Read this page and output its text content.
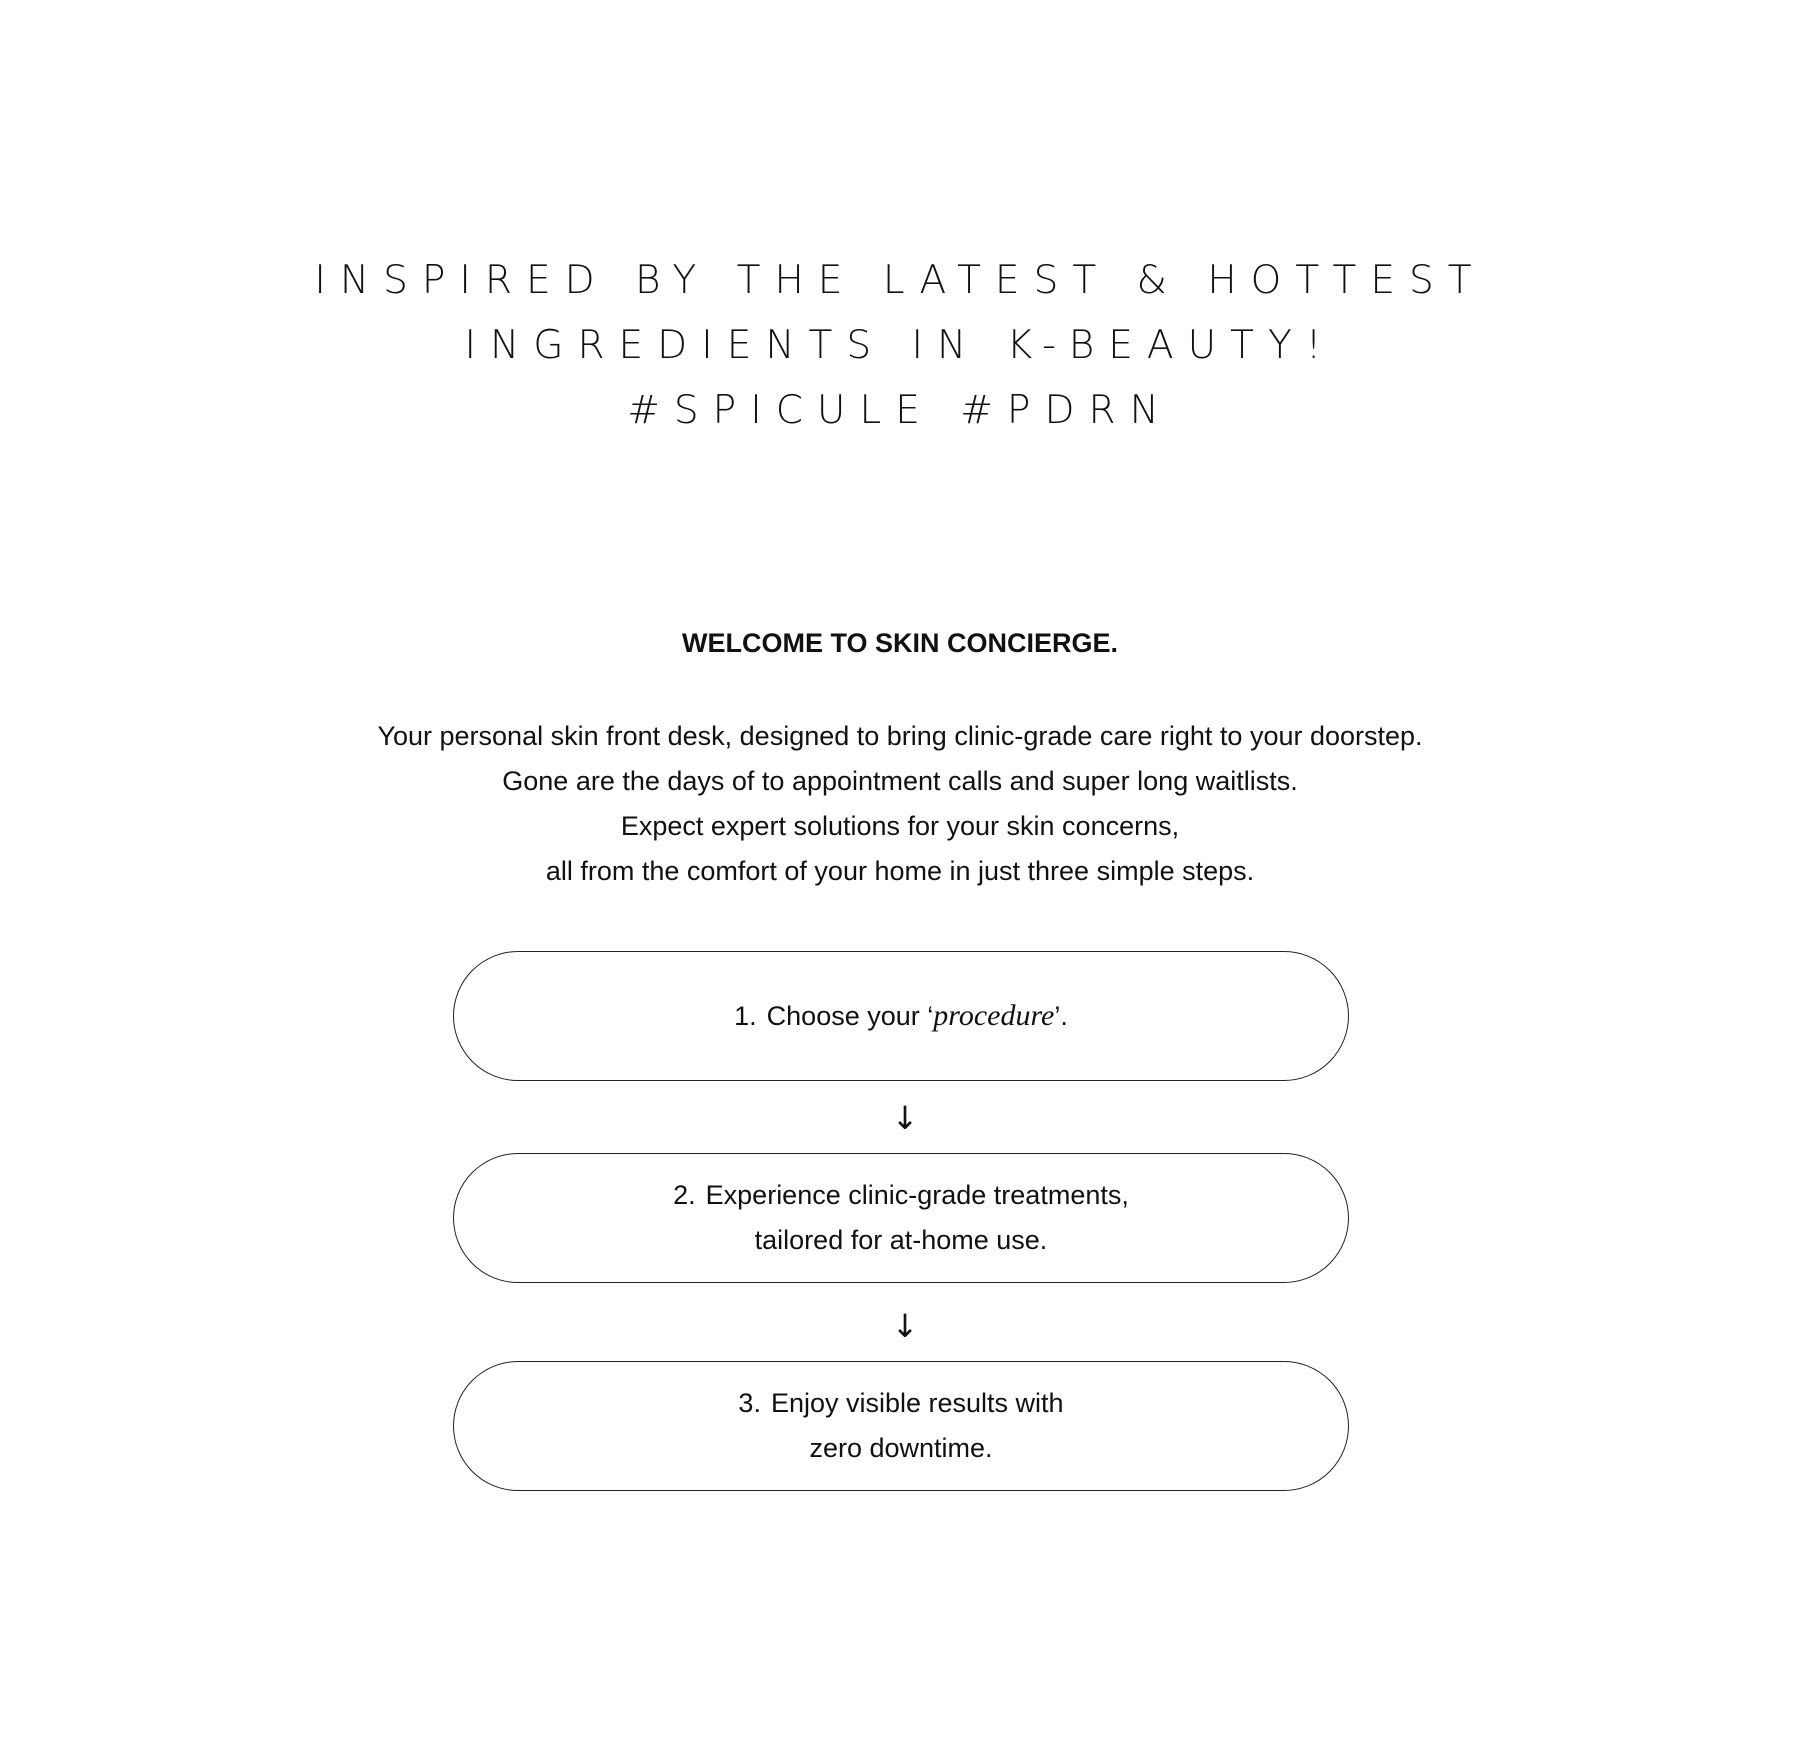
INSPIRED BY THE LATEST & HOTTEST
INGREDIENTS IN K-BEAUTY!
#SPICULE #PDRN
WELCOME TO SKIN CONCIERGE.
Your personal skin front desk, designed to bring clinic-grade care right to your doorstep.
Gone are the days of to appointment calls and super long waitlists.
Expect expert solutions for your skin concerns,
all from the comfort of your home in just three simple steps.
1. Choose your ‘procedure’.
↓
2. Experience clinic-grade treatments,
tailored for at-home use.
↓
3. Enjoy visible results with
zero downtime.
